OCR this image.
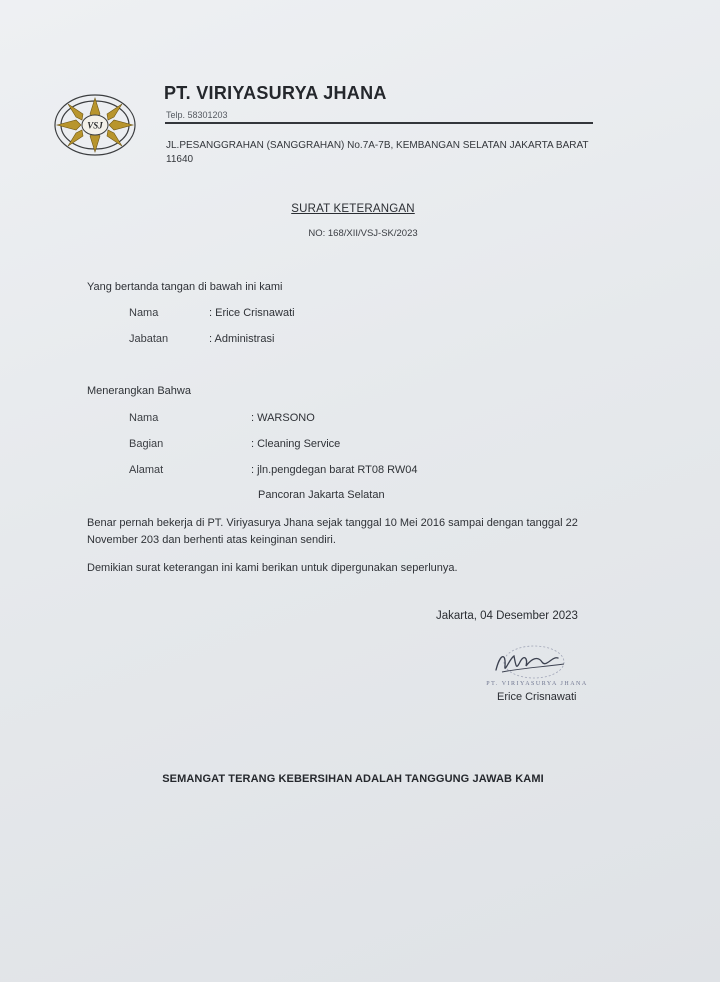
VSJ
PT. VIRIYASURYA JHANA
Telp. 58301203
JL.PESANGGRAHAN (SANGGRAHAN) No.7A-7B, KEMBANGAN SELATAN JAKARTA BARAT 11640
SURAT KETERANGAN
NO: 168/XII/VSJ-SK/2023
Yang bertanda tangan di bawah ini kami
Nama	: Erice Crisnawati
Jabatan	: Administrasi
Menerangkan Bahwa
Nama	: WARSONO
Bagian	: Cleaning Service
Alamat	: jln.pengdegan barat RT08 RW04
Pancoran Jakarta Selatan
Benar pernah bekerja di PT. Viriyasurya Jhana sejak tanggal 10 Mei 2016 sampai dengan tanggal 22 November 203 dan berhenti atas keinginan sendiri.
Demikian surat keterangan ini kami berikan untuk dipergunakan seperlunya.
Jakarta, 04 Desember 2023
PT. VIRIYASURYA JHANA
Erice Crisnawati
SEMANGAT TERANG KEBERSIHAN ADALAH TANGGUNG JAWAB KAMI
